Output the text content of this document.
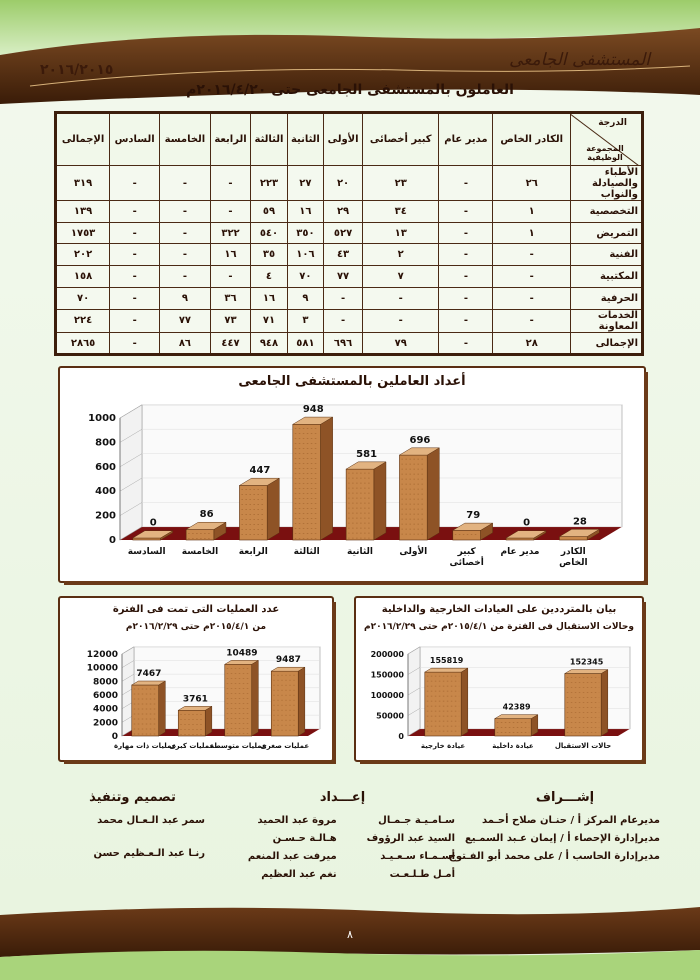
المستشفى الجامعى
٢٠١٦/٢٠١٥
العاملون بالمستشفى الجامعى حتى ٢٠١٦/٤/٢٠م
الدرجة
المجموعة الوظيفية	الكادر الخاص	مدير عام	كبير أخصائى	الأولى	الثانية	الثالثة	الرابعة	الخامسة	السادس	الإجمالى
الأطباء والصيادلة والنواب	٢٦	-	٢٣	٢٠	٢٧	٢٢٣	-	-	-	٣١٩
التخصصية	١	-	٣٤	٢٩	١٦	٥٩	-	-	-	١٣٩
التمريض	١	-	١٣	٥٢٧	٣٥٠	٥٤٠	٣٢٢	-	-	١٧٥٣
الفنية	-	-	٢	٤٣	١٠٦	٣٥	١٦	-	-	٢٠٢
المكتبية	-	-	٧	٧٧	٧٠	٤	-	-	-	١٥٨
الحرفية	-	-	-	-	٩	١٦	٣٦	٩	-	٧٠
الخدمات المعاونة	-	-	-	-	٣	٧١	٧٣	٧٧	-	٢٢٤
الإجمالى	٢٨	-	٧٩	٦٩٦	٥٨١	٩٤٨	٤٤٧	٨٦	-	٢٨٦٥
أعداد العاملين بالمستشفى الجامعى
0
200
400
600
800
1000
28
الكادر
الخاص
0
مدير عام
79
كبير
أخصائى
696
الأولى
581
الثانية
948
الثالثة
447
الرابعة
86
الخامسة
0
السادسة
عدد العمليات التى تمت فى الفترة
من ٢٠١٥/٤/١م حتى ٢٠١٦/٢/٢٩م
0
2000
4000
6000
8000
10000
12000
7467
عمليات ذات مهارة
3761
عمليات كبرى
10489
عمليات متوسطة
9487
عمليات صغرى
بيان بالمترددين على العيادات الخارجية والداخلية
وحالات الاستقبال فى الفترة من ٢٠١٥/٤/١م حتى ٢٠١٦/٢/٢٩م
0
50000
100000
150000
200000
155819
عيادة خارجية
42389
عيادة داخلية
152345
حالات الاستقبال
إشـــراف

مديرعام المركز أ / حنـان صلاح أحـمد

مديرإدارة الإحصاء أ / إيمان عـبد السمـيع

مديرإدارة الحاسب أ / على محمد أبو الفـتوح

إعـــداد

سـامـيـة جـمـال

السيد عبد الرؤوف

أسـمـاء سـعـيـد

أمـل طـلـعـت

مروة عبد الحميد

هـالـة حـسـن

ميرفت عبد المنعم

نغم عبد العظيم

تصميم وتنفيذ

سمر عبد الـعـال محمد

رنـا عبد الـعـظيم حسن

٨
